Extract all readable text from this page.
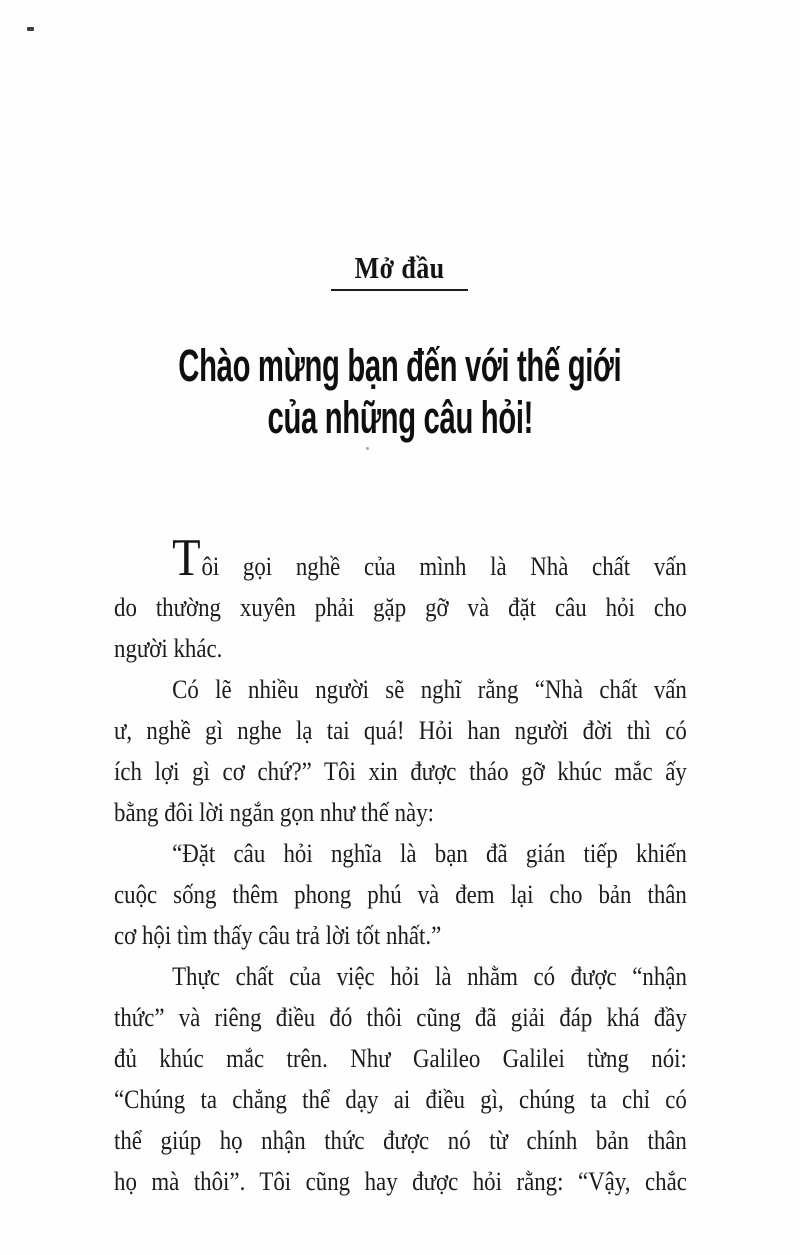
Mở đầu
Chào mừng bạn đến với thế giới
của những câu hỏi!
Tôi gọi nghề của mình là Nhà chất vấn
do thường xuyên phải gặp gỡ và đặt câu hỏi cho
người khác.
Có lẽ nhiều người sẽ nghĩ rằng “Nhà chất vấn
ư, nghề gì nghe lạ tai quá! Hỏi han người đời thì có
ích lợi gì cơ chứ?” Tôi xin được tháo gỡ khúc mắc ấy
bằng đôi lời ngắn gọn như thế này:
“Đặt câu hỏi nghĩa là bạn đã gián tiếp khiến
cuộc sống thêm phong phú và đem lại cho bản thân
cơ hội tìm thấy câu trả lời tốt nhất.”
Thực chất của việc hỏi là nhằm có được “nhận
thức” và riêng điều đó thôi cũng đã giải đáp khá đầy
đủ khúc mắc trên. Như Galileo Galilei từng nói:
“Chúng ta chẳng thể dạy ai điều gì, chúng ta chỉ có
thể giúp họ nhận thức được nó từ chính bản thân
họ mà thôi”. Tôi cũng hay được hỏi rằng: “Vậy, chắc
